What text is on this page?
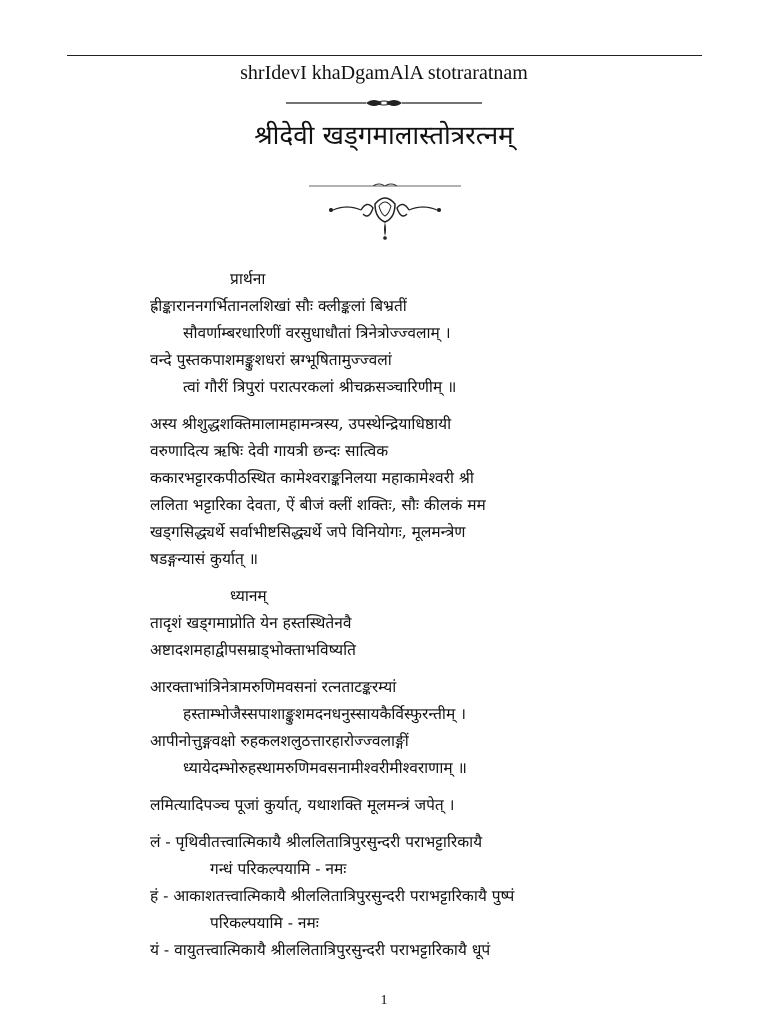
shrIdevI khaDgamAlA stotraratnam
श्रीदेवी खड्गमालास्तोत्ररत्नम्
प्रार्थना
ह्रीङ्काराननगर्भितानलशिखां सौः क्लीङ्कलां बिभ्रतीं
सौवर्णाम्बरधारिणीं वरसुधाधौतां त्रिनेत्रोज्ज्वलाम् ।
वन्दे पुस्तकपाशमङ्कुशधरां स्रग्भूषितामुज्ज्वलां
त्वां गौरीं त्रिपुरां परात्परकलां श्रीचक्रसञ्चारिणीम् ॥
अस्य श्रीशुद्धशक्तिमालामहामन्त्रस्य, उपस्थेन्द्रियाधिष्ठायी
वरुणादित्य ऋषिः देवी गायत्री छन्दः सात्विक
ककारभट्टारकपीठस्थित कामेश्वराङ्कनिलया महाकामेश्वरी श्री
ललिता भट्टारिका देवता, ऐं बीजं क्लीं शक्तिः, सौः कीलकं मम
खड्गसिद्ध्यर्थे सर्वाभीष्टसिद्ध्यर्थे जपे विनियोगः, मूलमन्त्रेण
षडङ्गन्यासं कुर्यात् ॥
ध्यानम्
तादृशं खड्गमाप्नोति येन हस्तस्थितेनवै
अष्टादशमहाद्वीपसम्राड्भोक्ताभविष्यति
आरक्ताभांत्रिनेत्रामरुणिमवसनां रत्नताटङ्करम्यां
हस्ताम्भोजैस्सपाशाङ्कुशमदनधनुस्सायकैर्विस्फुरन्तीम् ।
आपीनोत्तुङ्गवक्षो रुहकलशलुठत्तारहारोज्ज्वलाङ्गीं
ध्यायेदम्भोरुहस्थामरुणिमवसनामीश्वरीमीश्वराणाम् ॥
लमित्यादिपञ्च पूजां कुर्यात्, यथाशक्ति मूलमन्त्रं जपेत् ।
लं - पृथिवीतत्त्वात्मिकायै श्रीललितात्रिपुरसुन्दरी पराभट्टारिकायै
गन्धं परिकल्पयामि - नमः
हं - आकाशतत्त्वात्मिकायै श्रीललितात्रिपुरसुन्दरी पराभट्टारिकायै पुष्पं
परिकल्पयामि - नमः
यं - वायुतत्त्वात्मिकायै श्रीललितात्रिपुरसुन्दरी पराभट्टारिकायै धूपं
1
